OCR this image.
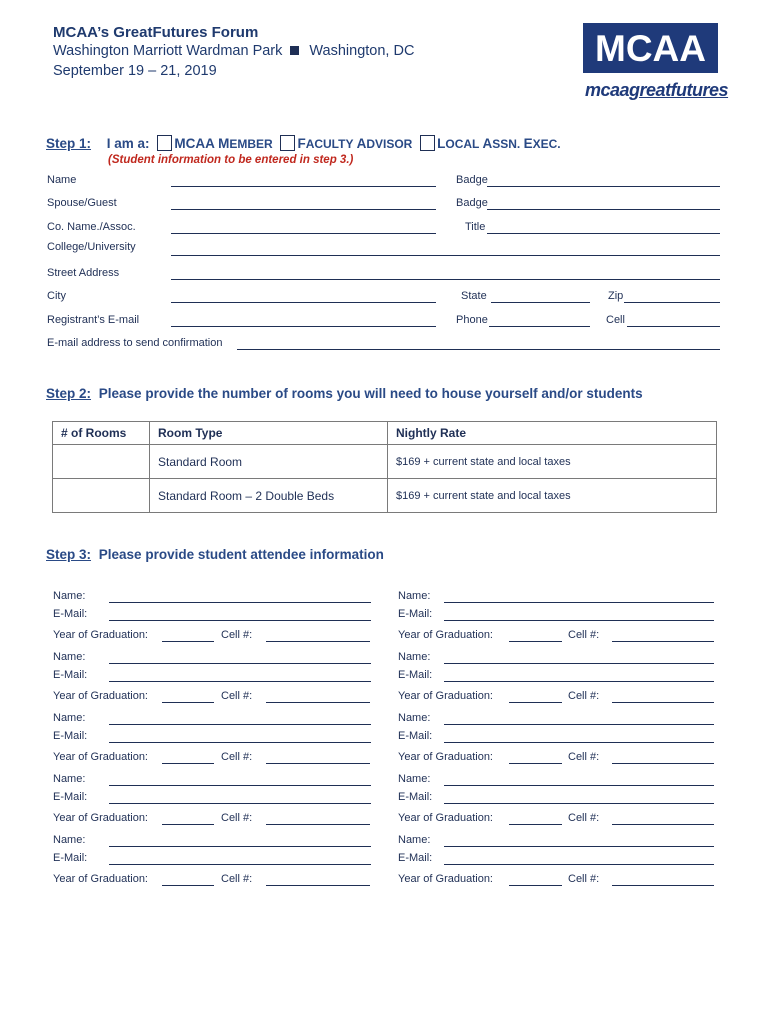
MCAA’s GreatFutures Forum
Washington Marriott Wardman Park Washington, DC
September 19 – 21, 2019
MCAA
mcaagreatfutures
Step 1: I am a: MCAA MEMBER FACULTY ADVISOR LOCAL ASSN. EXEC.
(Student information to be entered in step 3.)
Name	Badge
Spouse/Guest	Badge
Co. Name./Assoc.	Title
College/University
Street Address
City	State	Zip
Registrant’s E-mail	Phone	Cell
E-mail address to send confirmation
Step 2: Please provide the number of rooms you will need to house yourself and/or students
# of Rooms	Room Type	Nightly Rate
	Standard Room	$169 + current state and local taxes
	Standard Room – 2 Double Beds	$169 + current state and local taxes
Step 3: Please provide student attendee information
Name:
E-Mail:
Year of Graduation:	Cell #:
Name:
E-Mail:
Year of Graduation:	Cell #:
Name:
E-Mail:
Year of Graduation:	Cell #:
Name:
E-Mail:
Year of Graduation:	Cell #:
Name:
E-Mail:
Year of Graduation:	Cell #:
Name:
E-Mail:
Year of Graduation:	Cell #:
Name:
E-Mail:
Year of Graduation:	Cell #:
Name:
E-Mail:
Year of Graduation:	Cell #:
Name:
E-Mail:
Year of Graduation:	Cell #:
Name:
E-Mail:
Year of Graduation:	Cell #:
